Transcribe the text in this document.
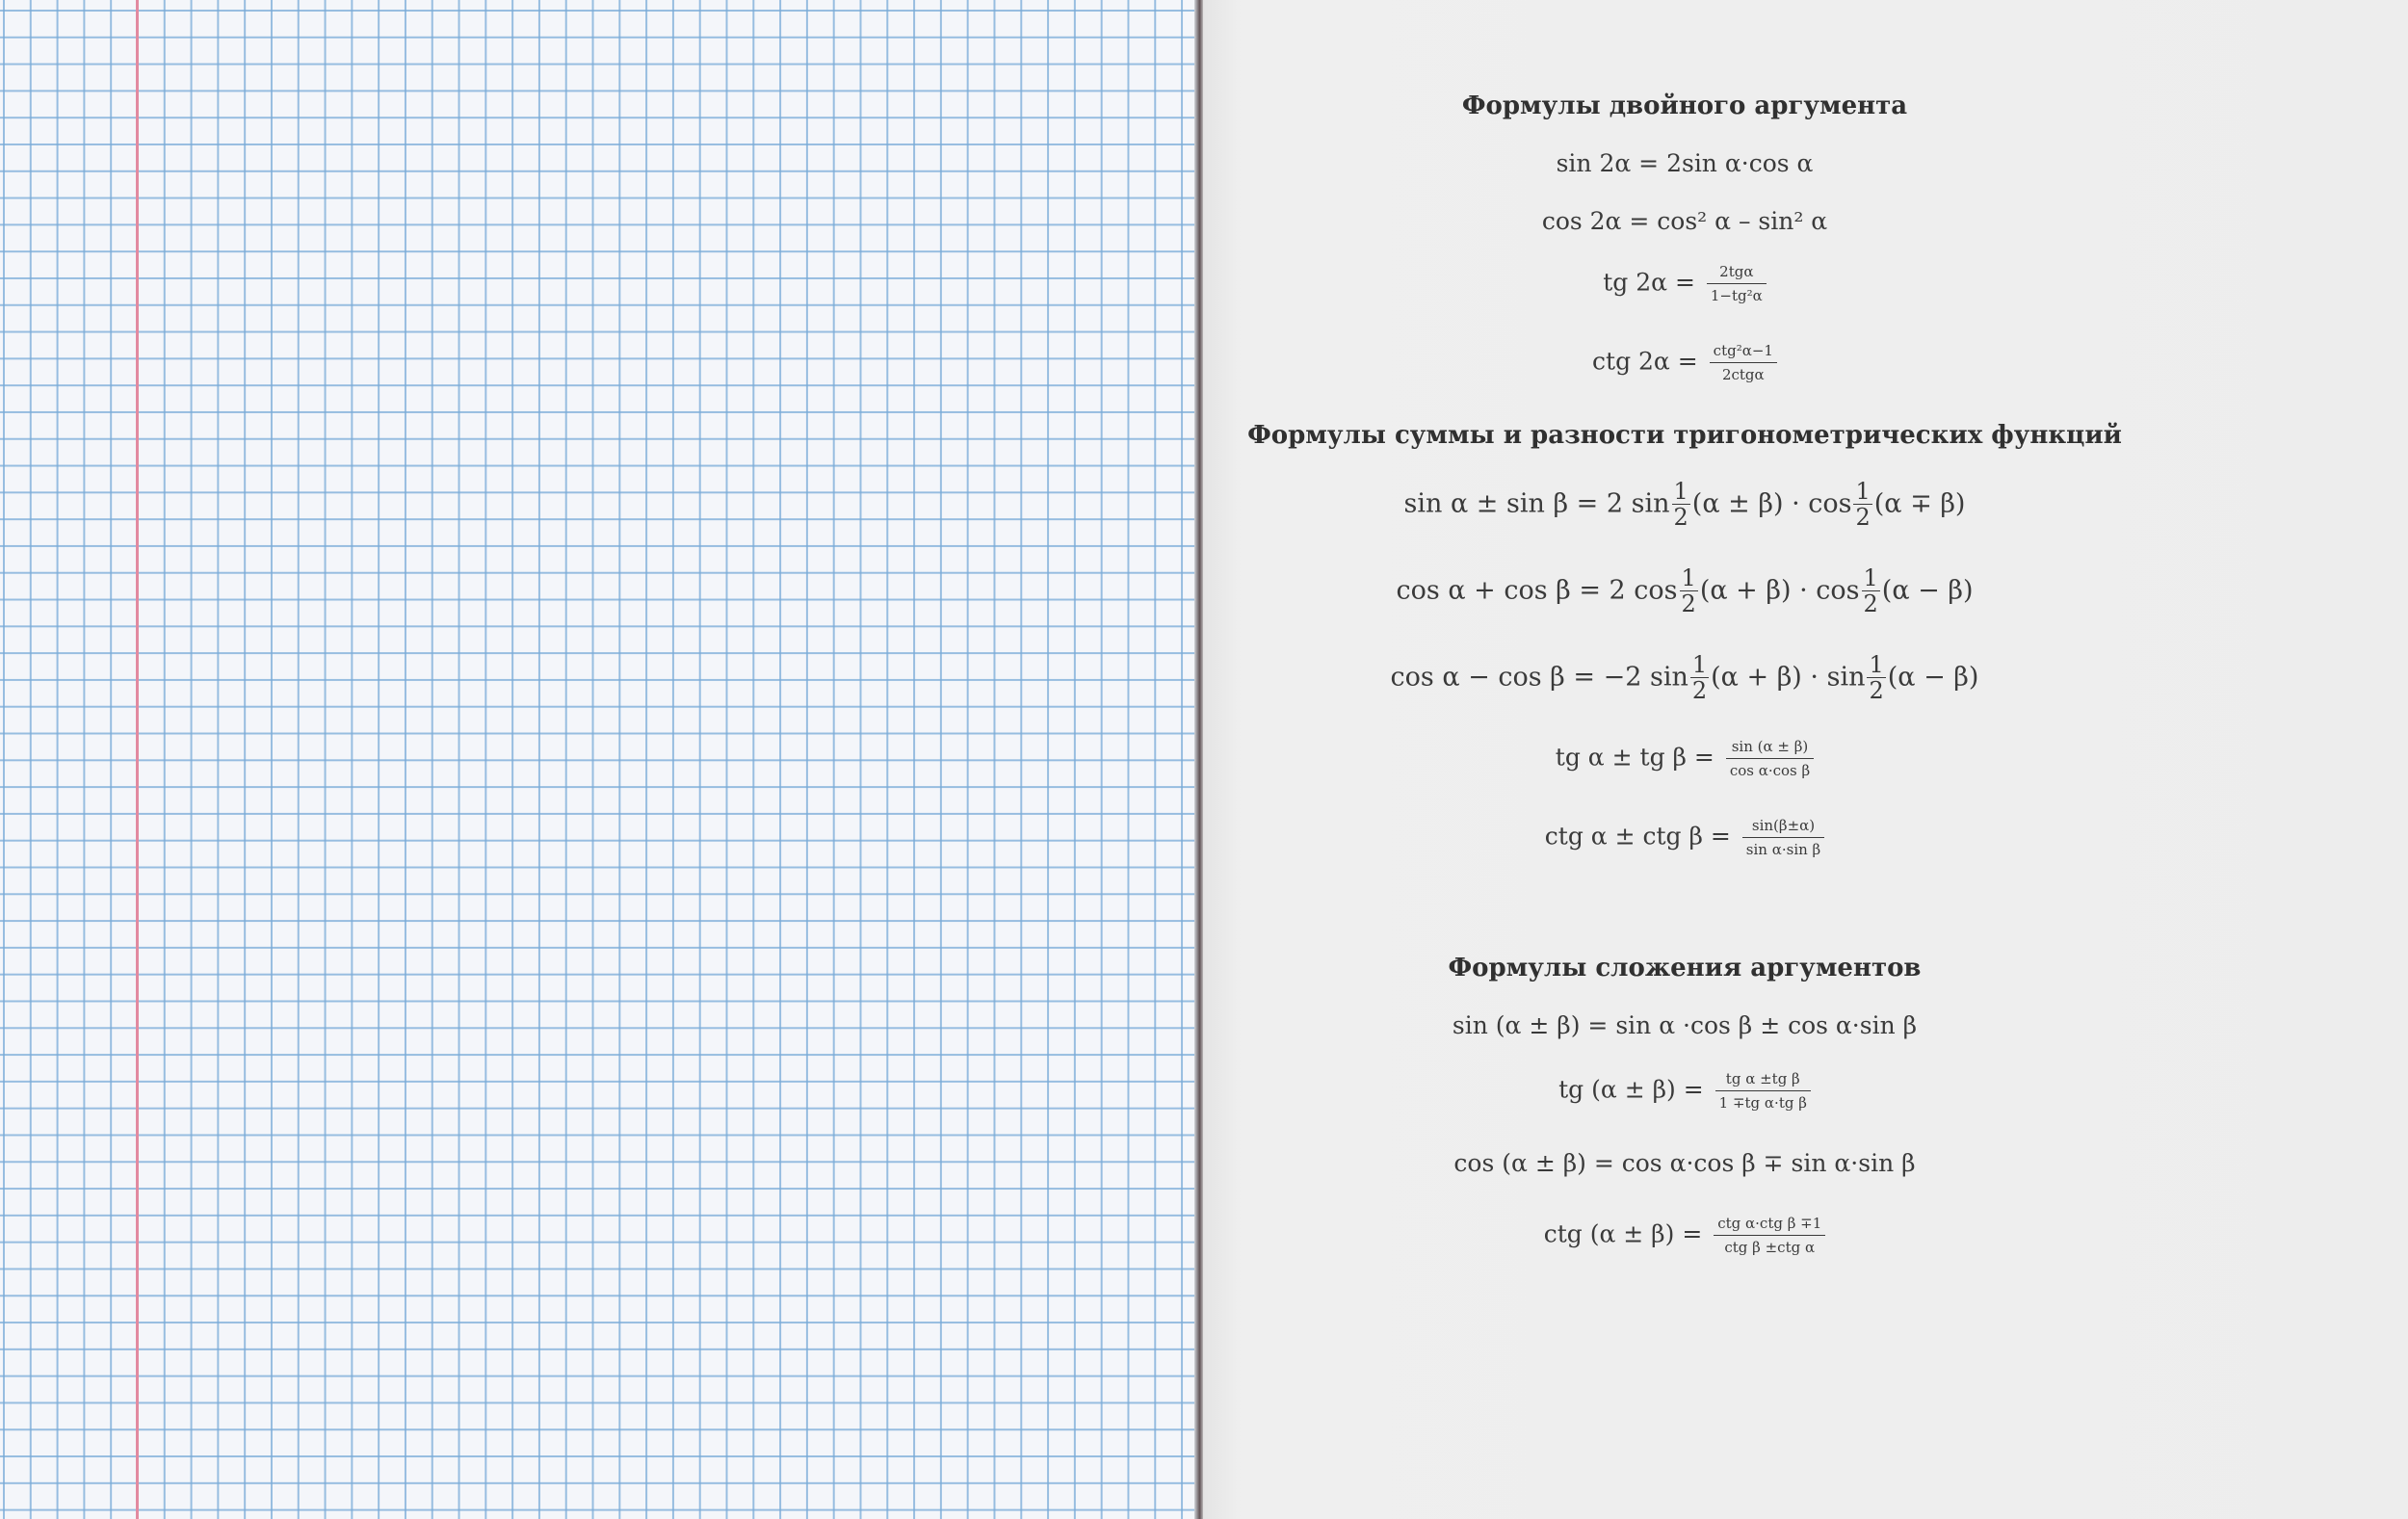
Формулы двойного аргумента
sin 2α = 2sin α·cos α
cos 2α = cos² α – sin² α
tg $2\alpha = \frac{\text{2tgα}}{\text{1−tg²α}}$
ctg $2\alpha = \frac{\text{ctg²α−1}}{\text{2ctgα}}$
Формулы суммы и разности тригонометрических функций
sin α ± sin β = 2 $\sin \frac{1}{2} (\alpha \pm \beta) \cdot \cos \frac{1}{2} (\alpha \mp \beta)$
cos α + cos β = 2 $\cos \frac{1}{2} (\alpha + \beta) \cdot \cos \frac{1}{2} (\alpha - \beta)$
cos α − cos β = −2 $\sin \frac{1}{2} (\alpha + \beta) \cdot \sin \frac{1}{2} (\alpha - \beta)$
tg α ± tg $\beta = \frac{\sin (\alpha \pm \beta)}{\text{cos α·cos β}}$
ctg α ± ctg $\beta = \frac{\sin(\beta\pm\alpha)}{\text{sin α·sin β}}$
Формулы сложения аргументов
sin (α ± β) = sin α ·cos β ± cos α·sin β
tg $(\alpha \pm \beta) = \frac{\text{tg α ±tg β}}{\text{1 ∓tg α·tg β}}$
cos (α ± β) = cos α·cos β ∓ sin α·sin β
ctg $(\alpha \pm \beta) = \frac{\text{ctg α·ctg β ∓1}}{\text{ctg β ±ctg α}}$
